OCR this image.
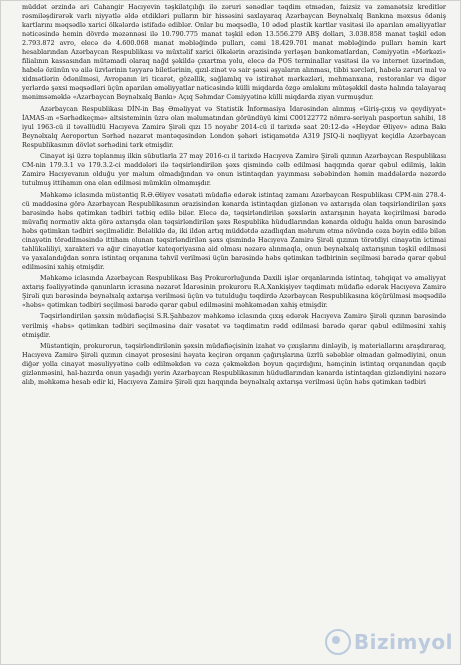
müddət ərzində ari Cahangir Hacıyevin təşkilatçılığı ilə zəruri sənədlər təqdim etmədən, faizsiz və zəmanətsiz kreditlər rəsmiləşdirərək varlı niyyətlə əldə etdikləri pulların bir hissəsini saxlayaraq Azərbaycan Beynəlxalq Bankına məxsus ödəniş kartlarını məqsədlə xarici ölkələrdə istifadə ediblər. Onlar bu məqsədlə, 10 ədəd plastik kartlar vasitəsi ilə aparılan əməliyyatlar nəticəsində hemin dövrdə məzənnəsi ilə 10.790.775 manat təşkil edən 13.556.279 ABŞ dolları, 3.038.858 manat təşkil edən 2.793.872 avro, elecə də 4.600.068 manat məbləğində pulları, cəmi 18.429.701 manat məbləğində pulları həmin kart hesablarından Azərbaycan Respublikası və müxtəlif xarici ölkələrin ərazisində yerləşən bankomatlardan, Cəmiyyətin «Mərkəzi» filialının kassasından mütəmadi olaraq nağd şəkildə çıxartma yolu, elecə də POS terminallar vasitəsi ilə və internet üzərindən, habelə özünün və ailə üzvlərinin təyyarə biletlərinin, qızıl-zinət və sair şəxsi əşyaların alınması, tibbi xərcləri, habelə zəruri mal və xidmətlərin ödənilməsi, Avropanın iri ticarət, gözəllik, sağlamlıq və istirahət mərkəzləri, mehmanxana, restoranlar və digər yerlərdə şəxsi məqsədləri üçün aparılan əməliyyatlar nəticəsində külli miqdarda özgə əmlakını mütəşəkkil dəstə halında talayaraq mənimsəməklə «Azərbaycan Beynəlxalq Bankı» Açıq Səhmdar Cəmiyyətinə külli miqdarda ziyan vurmuşdur.

Azərbaycan Respublikası DİN-in Baş Əməliyyat və Statistik İnformasiya İdarəsindən alınmış «Giriş-çıxış və qeydiyyat» İAMAS-ın «Sərhədkeçmə» altsisteminin üzrə olan məlumatından göründüyü kimi C00122772 nömrə-seriyalı pasportun sahibi, 18 iyul 1963-cü il təvəllüdlü Hacıyeva Zamirə Şirəli qızı 15 noyabr 2014-cü il tarixdə saat 20:12-də «Heydər Əliyev» adına Bakı Beynəlxalq Aeroportun Sərhəd nəzarət məntəqəsindən London şəhəri istiqamətdə A319 JSIQ-li nəqliyyat keçidlə Azərbaycan Respublikasının dövlət sərhədini tərk etmişdir.

Cinayət işi üzrə toplanmış ilkin sübutlarla 27 may 2016-cı il tarixdə Hacıyeva Zamirə Şirəli qızının Azərbaycan Respublikası CM-nin 179.3.1 və 179.3.2-ci maddələri ilə təqsirləndirilən şəxs qismində cəlb edilməsi haqqında qərar qəbul edilmiş, lakin Zamirə Hacıyevanın olduğu yer məlum olmadığından və onun istintaqdan yayınması səbəbindən həmin maddələrdə nəzərdə tutulmuş ittihamın ona elan edilməsi mümkün olmamışdır.

Məhkəmə iclasında müstəntiq R.Ə.Əliyev vəsatəti müdafiə edərək istintaq zamanı Azərbaycan Respublikası CPM-nin 278.4-cü maddəsinə görə Azərbaycan Respublikasının ərazisindən kənarda istintaqdan gizlənən və axtarışda olan təqsirləndirilən şəxs barəsində həbs qətimkan tədbiri tətbiq edilə bilər. Elecə də, təqsirləndirilən şəxslərin axtarışının həyata keçirilməsi barədə müvafiq normativ akta görə axtarışda olan təqsirləndirilən şəxs Respublika hüdudlarından kənarda olduğu halda onun barəsində həbs qətimkan tədbiri seçilməlidir. Beləliklə də, iki ildən artıq müddətdə azadlıqdan məhrum etmə növündə cəza bəyin edilə bilən cinayətin törədilməsində ittiham olunan təqsirləndirilən şəxs qismində Hacıyeva Zamirə Şirəli qızının törətdiyi cinayətin ictimai təhlükəliliyi, xarakteri və ağır cinayətlər kateqoriyasına aid olması nəzərə alınmaqla, onun beynəlxalq axtarışının təşkil edilməsi və yaxalandığdan sonra istintaq orqanına təhvil verilməsi üçün barəsində həbs qətimkan tədbirinin seçilməsi barədə qərar qəbul edilməsini xahiş etmişdir.

Məhkəmə iclasında Azərbaycan Respublikası Baş Prokurorluğunda Daxili işlər orqanlarında istintaq, təhqiqat və əməliyyat axtarış fəaliyyətində qanunların icrasına nəzarət İdarəsinin prokuroru R.A.Xankişiyev təqdimatı müdafiə edərək Hacıyeva Zamirə Şirəli qızı barəsində beynəlxalq axtarışa verilməsi üçün və tutulduğu təqdirdə Azərbaycan Respublikasına köçürülməsi məqsədilə «həbs» qətimkan tədbiri seçilməsi barədə qərar qəbul edilməsini məhkəmədən xahiş etmişdir.

Təqsirləndirilən şəxsin müdafiəçisi S.R.Şahbazov məhkəmə iclasında çıxış edərək Hacıyeva Zamirə Şirəli qızının barəsində verilmiş «həbs» qətimkan tədbiri seçilməsinə dair vəsatət və təqdimatın rədd edilməsi barədə qərar qəbul edilməsini xahiş etmişdir.

Müstəntiqin, prokurorun, təqsirləndirilənin şəxsin müdafiəçisinin izahat və çıxışlarını dinləyib, iş materiallarını araşdıraraq, Hacıyeva Zamirə Şirəli qızının cinayət prosesini həyata keçirən orqanın çağırışlarına üzrlü səbəblər olmadan gəlmədiyini, onun diğər yolla cinayət məsuliyyətinə cəlb edilməkdən və cəza çəkməkdən boyun qaçırdığını, həmçinin istintaq orqanından qaçıb gizlənməsini, hal-hazırda onun yaşadığı yerin Azərbaycan Respublikasının hüdudlarından kənarda istintaqdan gizləndiyini nəzərə alıb, məhkəmə hesab edir ki, Hacıyeva Zamirə Şirəli qızı haqqında beynəlxalq axtarışa verilməsi üçün həbs qətimkan tədbiri

Bizimyol
